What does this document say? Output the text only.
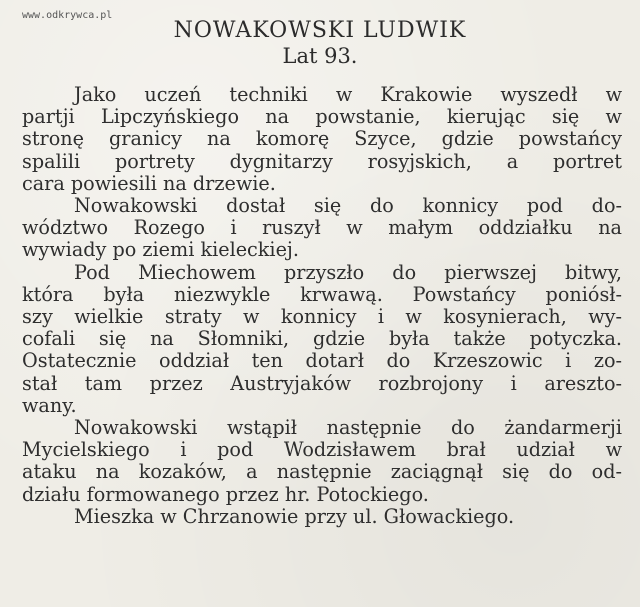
www.odkrywca.pl
NOWAKOWSKI LUDWIK
Lat 93.
Jako uczeń techniki w Krakowie wyszedł w
partji Lipczyńskiego na powstanie, kierując się w
stronę granicy na komorę Szyce, gdzie powstańcy
spalili portrety dygnitarzy rosyjskich, a portret
cara powiesili na drzewie.
Nowakowski dostał się do konnicy pod do-
wództwo Rozego i ruszył w małym oddziałku na
wywiady po ziemi kieleckiej.
Pod Miechowem przyszło do pierwszej bitwy,
która była niezwykle krwawą. Powstańcy poniósł-
szy wielkie straty w konnicy i w kosynierach, wy-
cofali się na Słomniki, gdzie była także potyczka.
Ostatecznie oddział ten dotarł do Krzeszowic i zo-
stał tam przez Austryjaków rozbrojony i areszto-
wany.
Nowakowski wstąpił następnie do żandarmerji
Mycielskiego i pod Wodzisławem brał udział w
ataku na kozaków, a następnie zaciągnął się do od-
działu formowanego przez hr. Potockiego.
Mieszka w Chrzanowie przy ul. Głowackiego.
